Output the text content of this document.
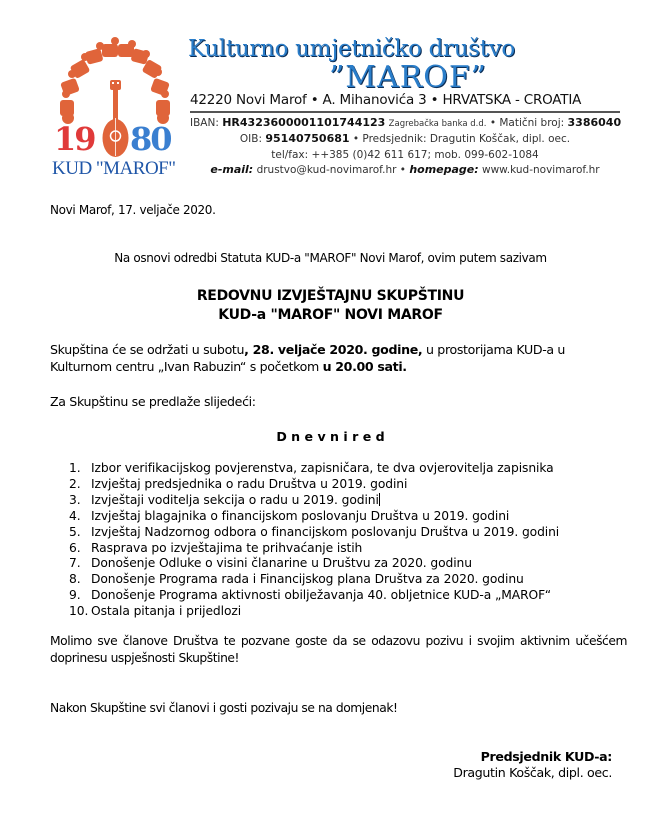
19 80
KUD "MAROF"
Kulturno umjetničko društvo
”MAROF”
42220 Novi Marof • A. Mihanovića 3 • HRVATSKA - CROATIA
IBAN: HR4323600001101744123 Zagrebačka banka d.d. • Matični broj: 3386040
OIB: 95140750681 • Predsjednik: Dragutin Koščak, dipl. oec.
tel/fax: ++385 (0)42 611 617; mob. 099-602-1084
e-mail: drustvo@kud-novimarof.hr • homepage: www.kud-novimarof.hr
Novi Marof, 17. veljače 2020.
Na osnovi odredbi Statuta KUD-a "MAROF" Novi Marof, ovim putem sazivam
REDOVNU IZVJEŠTAJNU SKUPŠTINU
KUD-a "MAROF" NOVI MAROF
Skupština će se održati u subotu, 28. veljače 2020. godine, u prostorijama KUD-a u
Kulturnom centru „Ivan Rabuzin“ s početkom u 20.00 sati.
Za Skupštinu se predlaže slijedeći:
D n e v n i r e d
1. Izbor verifikacijskog povjerenstva, zapisničara, te dva ovjerovitelja zapisnika
2. Izvještaj predsjednika o radu Društva u 2019. godini
3. Izvještaji voditelja sekcija o radu u 2019. godini
4. Izvještaj blagajnika o financijskom poslovanju Društva u 2019. godini
5. Izvještaj Nadzornog odbora o financijskom poslovanju Društva u 2019. godini
6. Rasprava po izvještajima te prihvaćanje istih
7. Donošenje Odluke o visini članarine u Društvu za 2020. godinu
8. Donošenje Programa rada i Financijskog plana Društva za 2020. godinu
9. Donošenje Programa aktivnosti obilježavanja 40. obljetnice KUD-a „MAROF“
10. Ostala pitanja i prijedlozi
Molimo sve članove Društva te pozvane goste da se odazovu pozivu i svojim aktivnim učešćem doprinesu uspješnosti Skupštine!
Nakon Skupštine svi članovi i gosti pozivaju se na domjenak!
Predsjednik KUD-a:
Dragutin Koščak, dipl. oec.
